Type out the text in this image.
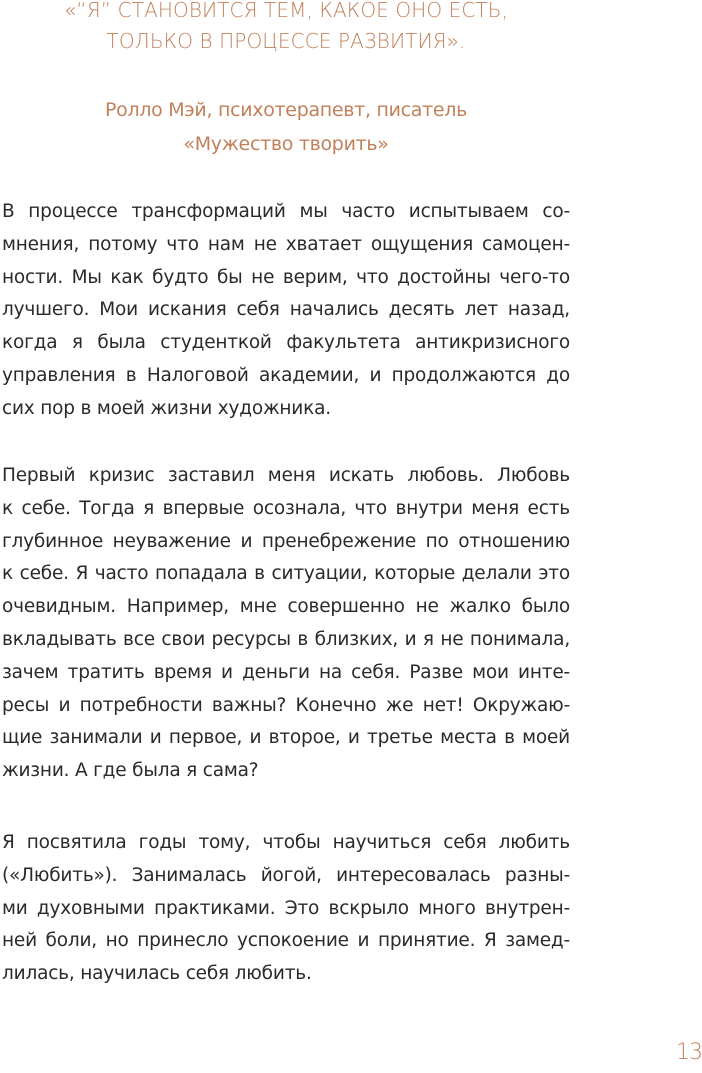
«“Я” СТАНОВИТСЯ ТЕМ, КАКОЕ ОНО ЕСТЬ,
ТОЛЬКО В ПРОЦЕССЕ РАЗВИТИЯ».
Ролло Мэй, психотерапевт, писатель
«Мужество творить»

В процессе трансформаций мы часто испытываем со-
мнения, потому что нам не хватает ощущения самоцен-
ности. Мы как будто бы не верим, что достойны чего-то
лучшего. Мои искания себя начались десять лет назад,
когда я была студенткой факультета антикризисного
управления в Налоговой академии, и продолжаются до
сих пор в моей жизни художника.

Первый кризис заставил меня искать любовь. Любовь
к себе. Тогда я впервые осознала, что внутри меня есть
глубинное неуважение и пренебрежение по отношению
к себе. Я часто попадала в ситуации, которые делали это
очевидным. Например, мне совершенно не жалко было
вкладывать все свои ресурсы в близких, и я не понимала,
зачем тратить время и деньги на себя. Разве мои инте-
ресы и потребности важны? Конечно же нет! Окружаю-
щие занимали и первое, и второе, и третье места в моей
жизни. А где была я сама?

Я посвятила годы тому, чтобы научиться себя любить
(«Любить»). Занималась йогой, интересовалась разны-
ми духовными практиками. Это вскрыло много внутрен-
ней боли, но принесло успокоение и принятие. Я замед-
лилась, научилась себя любить.

13
